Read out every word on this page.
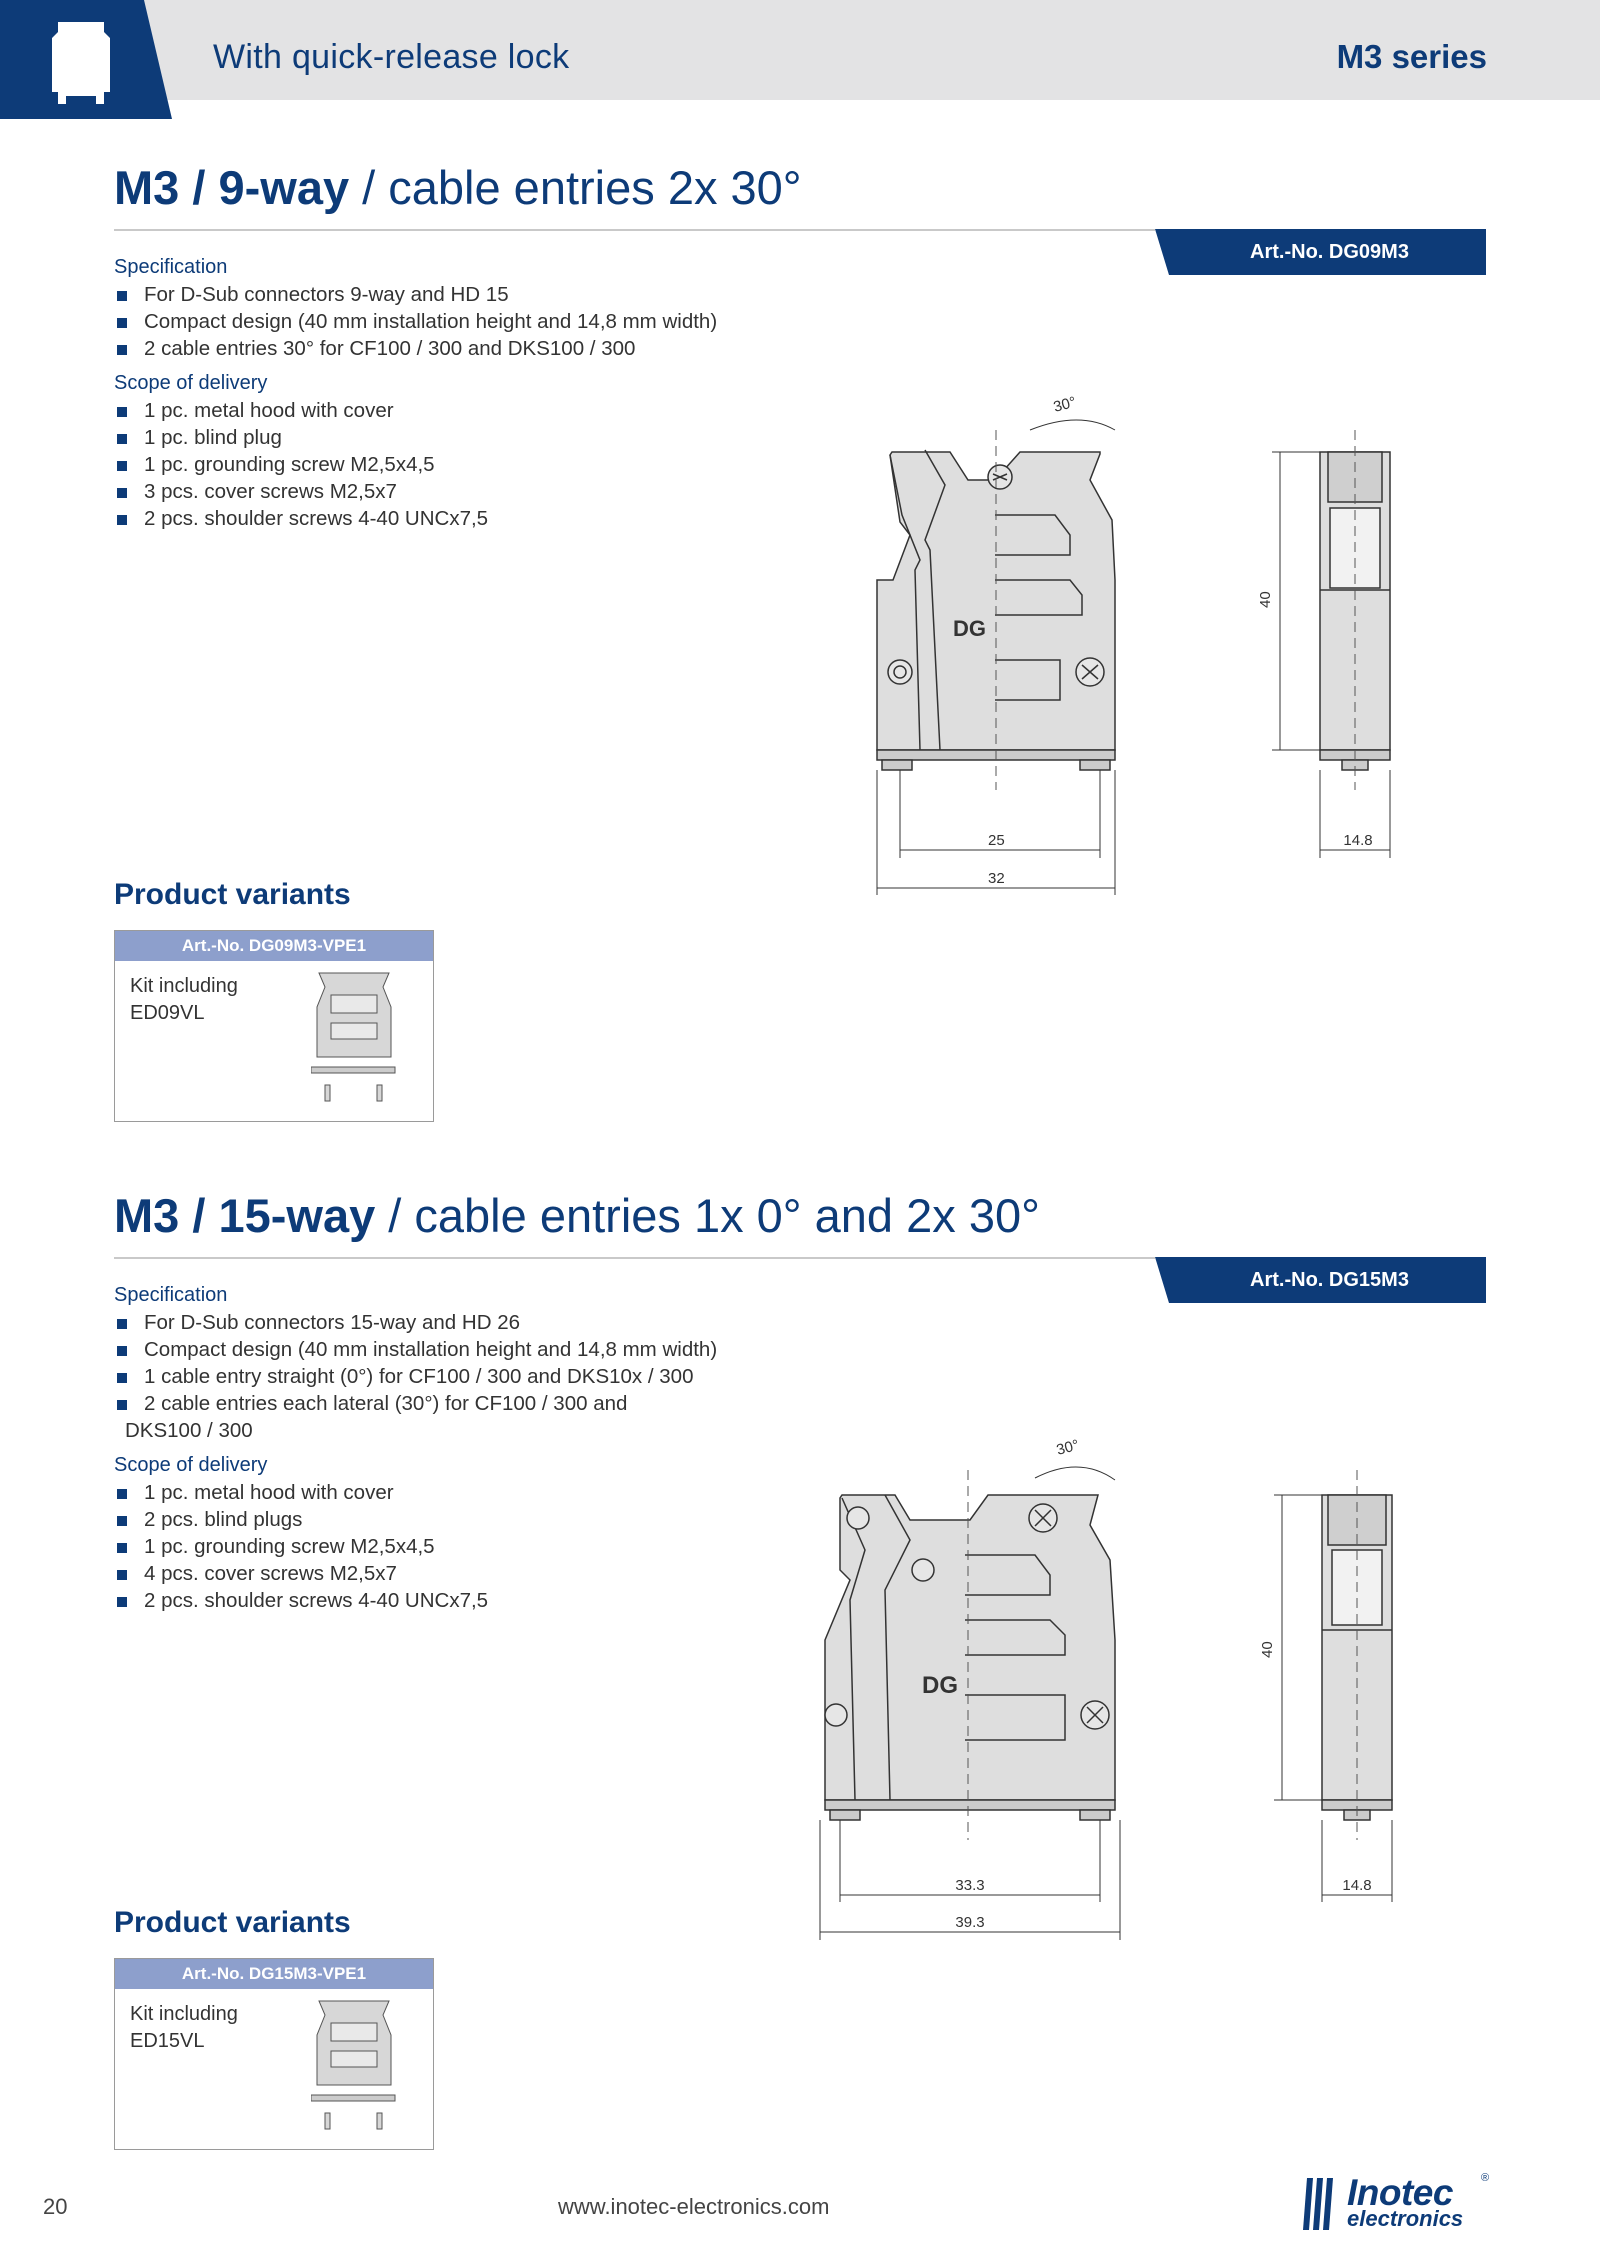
With quick-release lock	M3 series
M3 / 9-way / cable entries 2x 30°
Art.-No. DG09M3
Specification
For D-Sub connectors 9-way and HD 15
Compact design (40 mm installation height and 14,8 mm width)
2 cable entries 30° for CF100 / 300 and DKS100 / 300
Scope of delivery
1 pc. metal hood with cover
1 pc. blind plug
1 pc. grounding screw M2,5x4,5
3 pcs. cover screws M2,5x7
2 pcs. shoulder screws 4-40 UNCx7,5
DG
30°
25
32
40
14.8
Product variants
Art.-No. DG09M3-VPE1
Kit including
ED09VL
M3 / 15-way / cable entries 1x 0° and 2x 30°
Art.-No. DG15M3
Specification
For D-Sub connectors 15-way and HD 26
Compact design (40 mm installation height and 14,8 mm width)
1 cable entry straight (0°) for CF100 / 300 and DKS10x / 300
2 cable entries each lateral (30°) for CF100 / 300 and
DKS100 / 300
Scope of delivery
1 pc. metal hood with cover
2 pcs. blind plugs
1 pc. grounding screw M2,5x4,5
4 pcs. cover screws M2,5x7
2 pcs. shoulder screws 4-40 UNCx7,5
DG
30°
33.3
39.3
40
14.8
Product variants
Art.-No. DG15M3-VPE1
Kit including
ED15VL
20	www.inotec-electronics.com	Inotec
electronics
®
